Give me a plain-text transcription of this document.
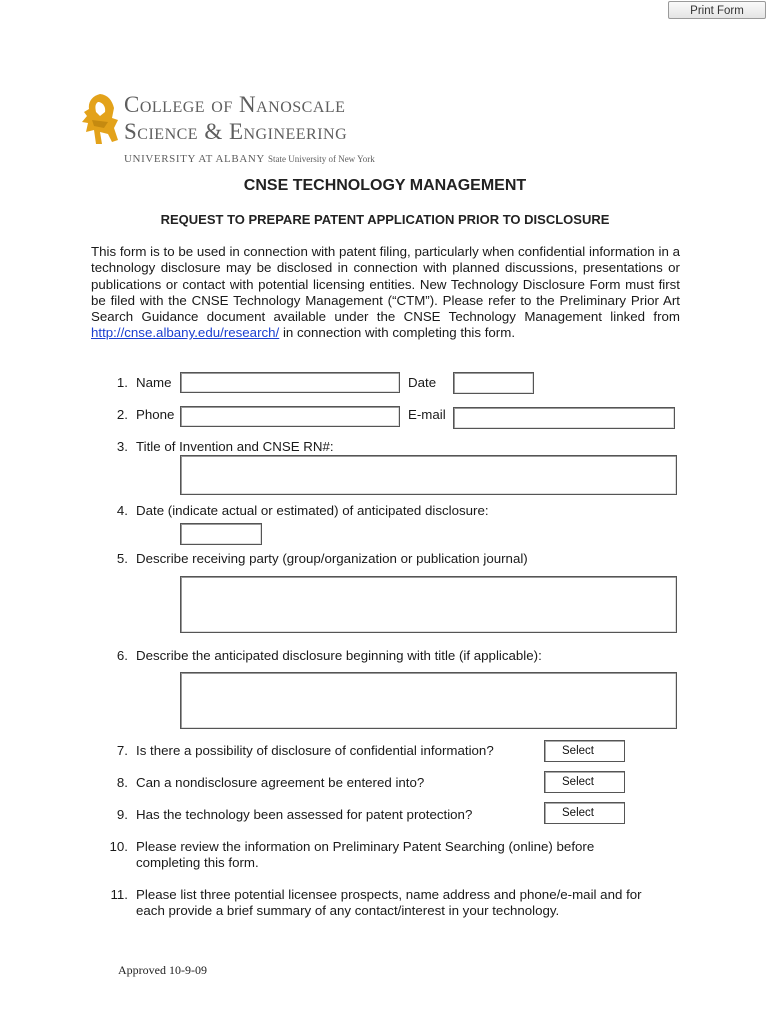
Print Form
College of Nanoscale
Science & Engineering
UNIVERSITY AT ALBANY State University of New York
CNSE TECHNOLOGY MANAGEMENT
REQUEST TO PREPARE PATENT APPLICATION PRIOR TO DISCLOSURE
This form is to be used in connection with patent filing, particularly when confidential information in a technology disclosure may be disclosed in connection with planned discussions, presentations or publications or contact with potential licensing entities. New Technology Disclosure Form must first be filed with the CNSE Technology Management (“CTM”). Please refer to the Preliminary Prior Art Search Guidance document available under the CNSE Technology Management linked from http://cnse.albany.edu/research/ in connection with completing this form.
1. Name	Date
2. Phone	E-mail
3. Title of Invention and CNSE RN#:
4. Date (indicate actual or estimated) of anticipated disclosure:
5. Describe receiving party (group/organization or publication journal)
6. Describe the anticipated disclosure beginning with title (if applicable):
7. Is there a possibility of disclosure of confidential information?	Select
8. Can a nondisclosure agreement be entered into?	Select
9. Has the technology been assessed for patent protection?	Select
10. Please review the information on Preliminary Patent Searching (online) before
completing this form.
11. Please list three potential licensee prospects, name address and phone/e-mail and for
each provide a brief summary of any contact/interest in your technology.
Approved 10-9-09
